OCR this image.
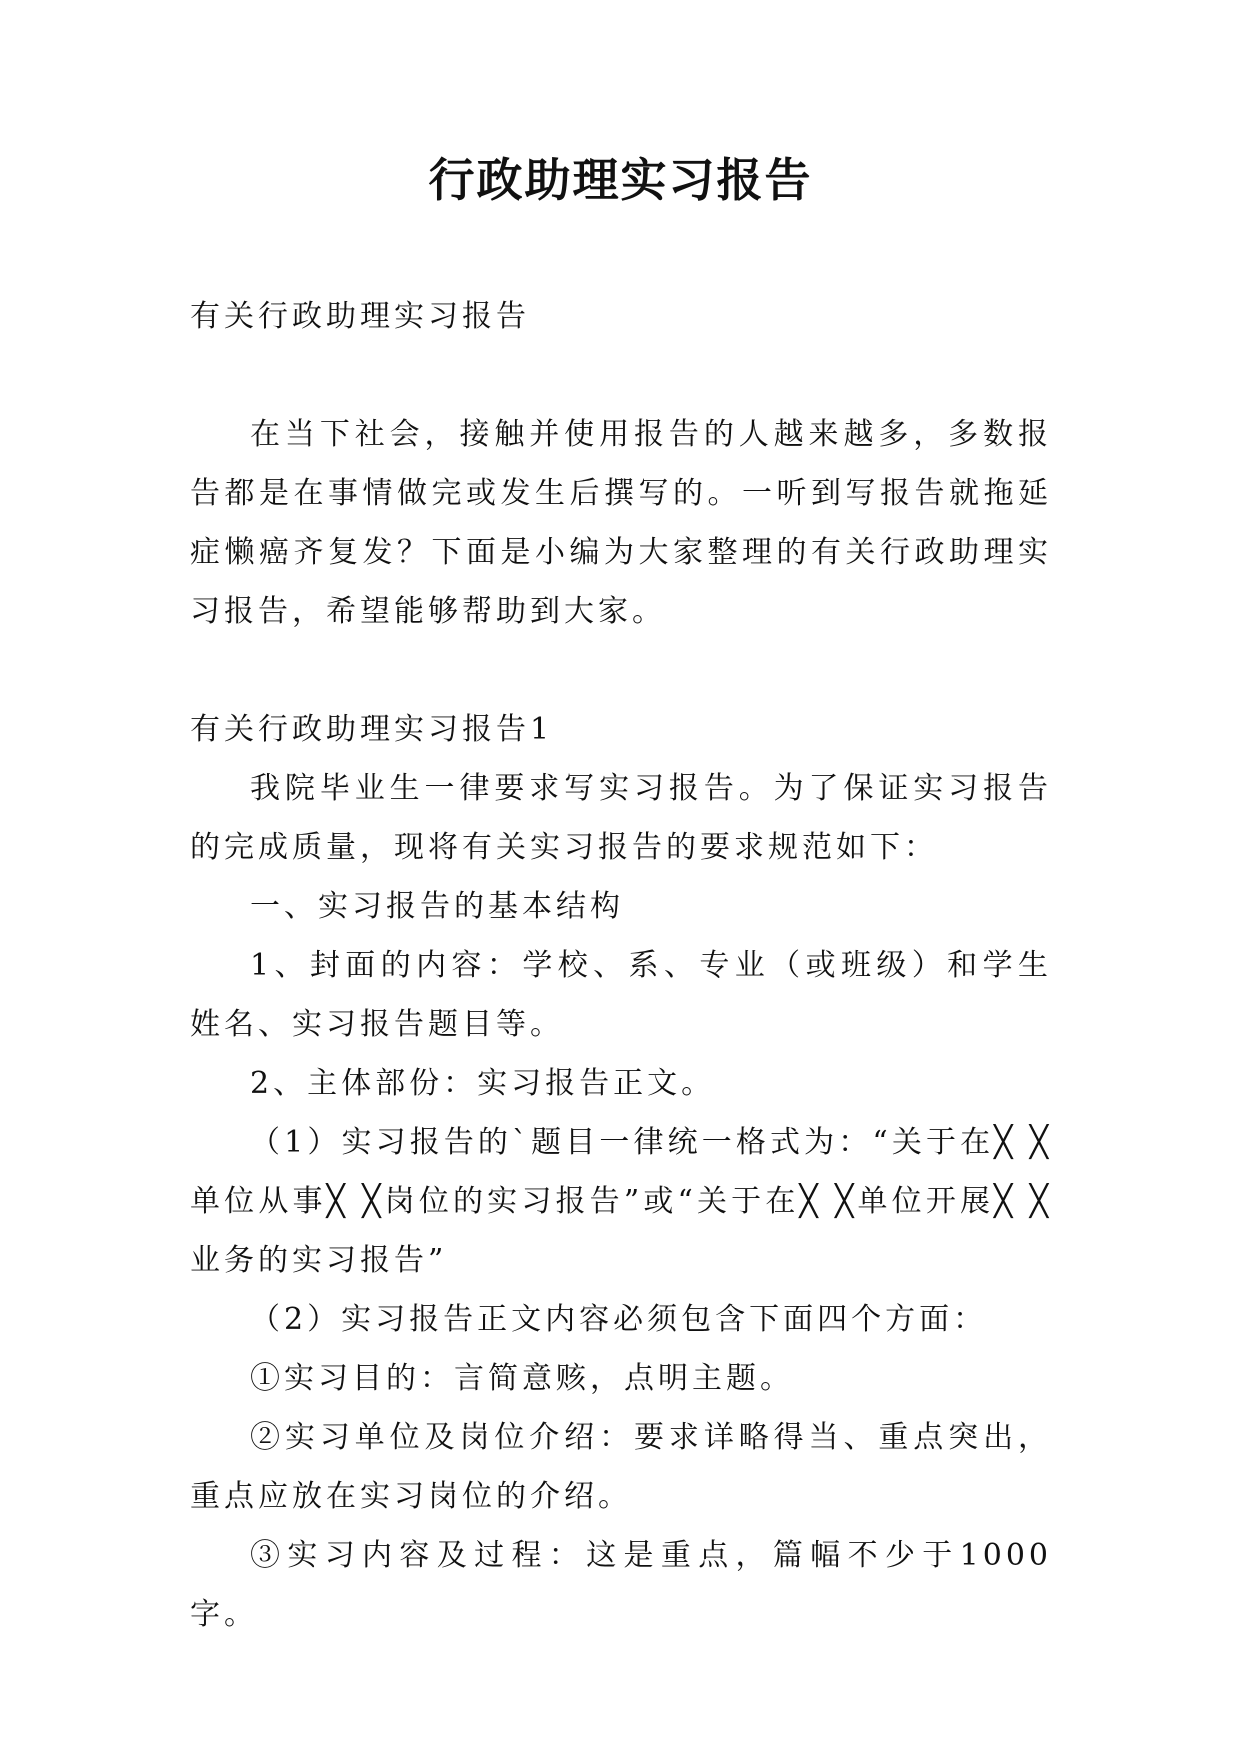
行政助理实习报告

有关行政助理实习报告

在当下社会，接触并使用报告的人越来越多，多数报告都是在事情做完或发生后撰写的。一听到写报告就拖延症懒癌齐复发？下面是小编为大家整理的有关行政助理实习报告，希望能够帮助到大家。

有关行政助理实习报告1

我院毕业生一律要求写实习报告。为了保证实习报告的完成质量，现将有关实习报告的要求规范如下：

一、实习报告的基本结构

1、封面的内容：学校、系、专业（或班级）和学生姓名、实习报告题目等。

2、主体部份：实习报告正文。

（1）实习报告的`题目一律统一格式为：“关于在╳ ╳单位从事╳ ╳岗位的实习报告”或“关于在╳ ╳单位开展╳ ╳业务的实习报告”

（2）实习报告正文内容必须包含下面四个方面：

①实习目的：言简意赅，点明主题。

②实习单位及岗位介绍：要求详略得当、重点突出，重点应放在实习岗位的介绍。

③实习内容及过程：这是重点，篇幅不少于1000字。
